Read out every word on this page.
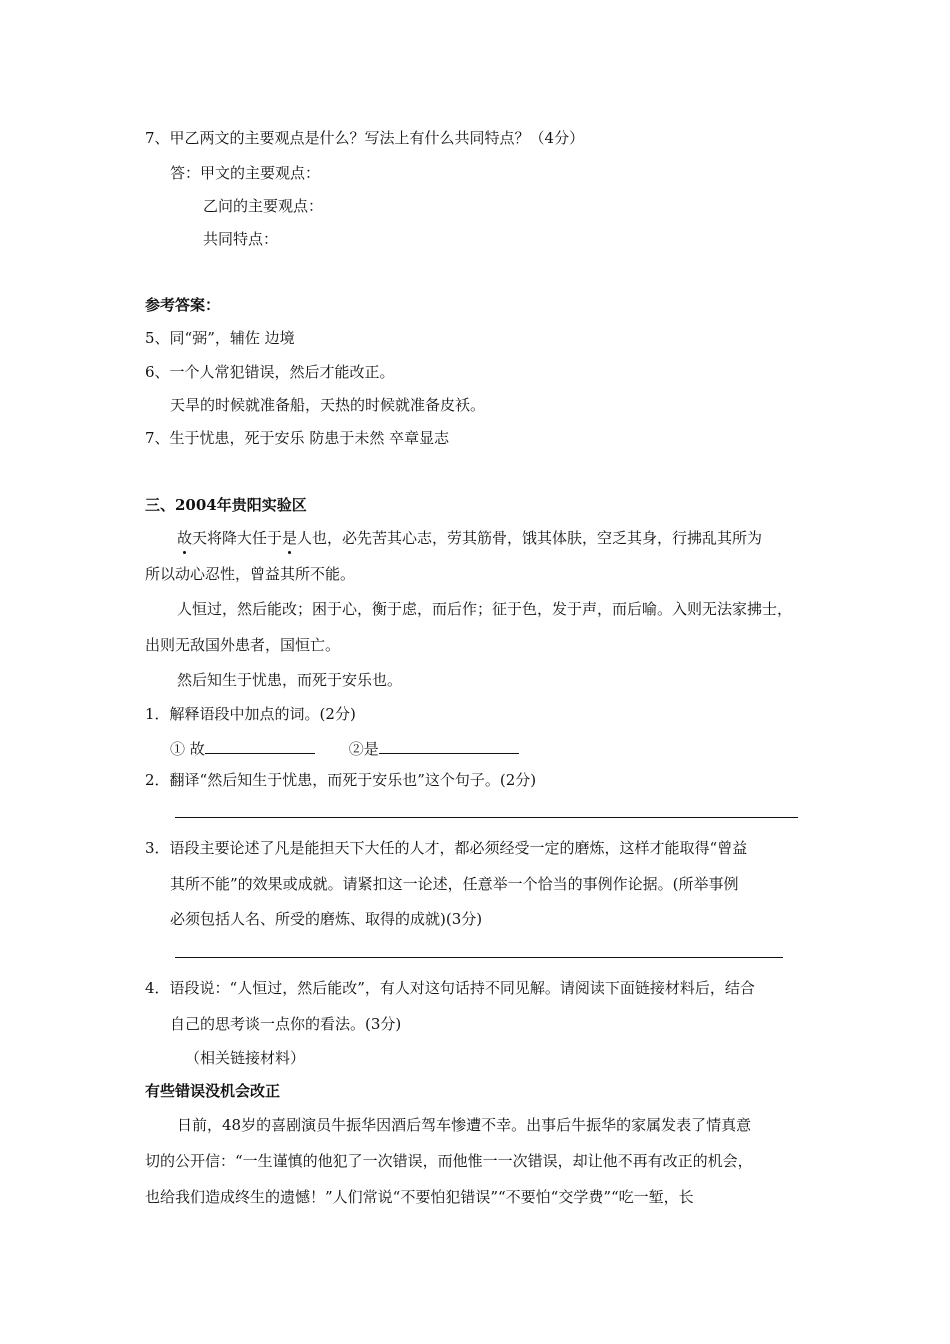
7、甲乙两文的主要观点是什么？写法上有什么共同特点？（4分）
答：甲文的主要观点：
乙问的主要观点：
共同特点：
参考答案：
5、同“弼”，辅佐 边境
6、一个人常犯错误，然后才能改正。
天旱的时候就准备船，天热的时候就准备皮袄。
7、生于忧患，死于安乐 防患于未然 卒章显志
三、2004年贵阳实验区
故天将降大任于是人也，必先苦其心志，劳其筋骨，饿其体肤，空乏其身，行拂乱其所为
所以动心忍性，曾益其所不能。
人恒过，然后能改；困于心，衡于虑，而后作；征于色，发于声，而后喻。入则无法家拂士，
出则无敌国外患者，国恒亡。
然后知生于忧患，而死于安乐也。
1．解释语段中加点的词。(2分)
① 故	②是
2．翻译“然后知生于忧患，而死于安乐也”这个句子。(2分)
3．语段主要论述了凡是能担天下大任的人才，都必须经受一定的磨炼，这样才能取得“曾益
其所不能”的效果或成就。请紧扣这一论述，任意举一个恰当的事例作论据。(所举事例
必须包括人名、所受的磨炼、取得的成就)(3分)
4．语段说：“人恒过，然后能改”，有人对这句话持不同见解。请阅读下面链接材料后，结合
自己的思考谈一点你的看法。(3分)
（相关链接材料）
有些错误没机会改正
日前，48岁的喜剧演员牛振华因酒后驾车惨遭不幸。出事后牛振华的家属发表了情真意
切的公开信：“一生谨慎的他犯了一次错误，而他惟一一次错误，却让他不再有改正的机会，
也给我们造成终生的遗憾！”人们常说“不要怕犯错误”“不要怕“交学费”“吃一堑，长
